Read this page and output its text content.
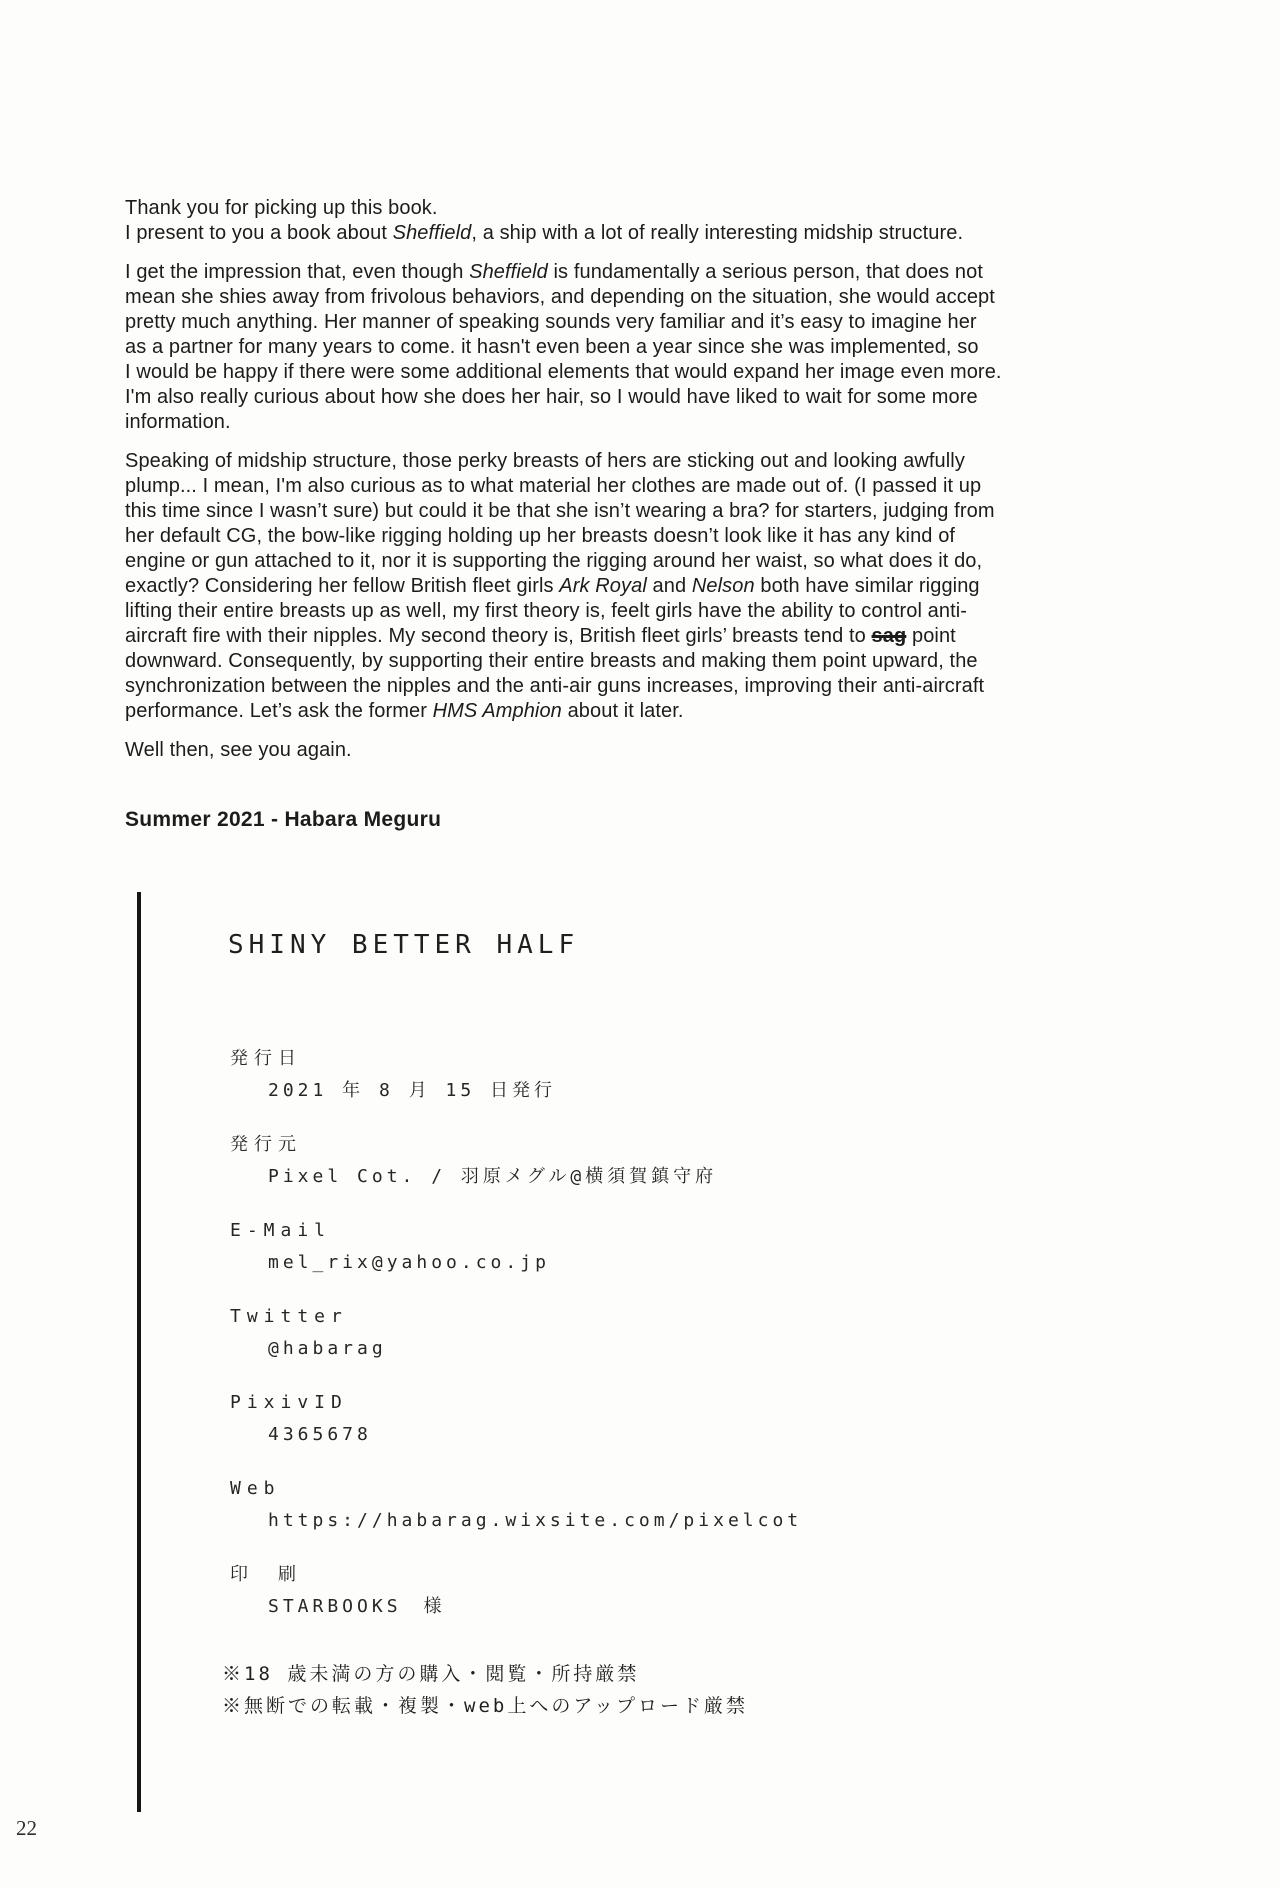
Thank you for picking up this book.
I present to you a book about Sheffield, a ship with a lot of really interesting midship structure.
I get the impression that, even though Sheffield is fundamentally a serious person, that does not
mean she shies away from frivolous behaviors, and depending on the situation, she would accept
pretty much anything. Her manner of speaking sounds very familiar and it’s easy to imagine her
as a partner for many years to come. it hasn't even been a year since she was implemented, so
I would be happy if there were some additional elements that would expand her image even more.
I'm also really curious about how she does her hair, so I would have liked to wait for some more
information.
Speaking of midship structure, those perky breasts of hers are sticking out and looking awfully
plump... I mean, I'm also curious as to what material her clothes are made out of. (I passed it up
this time since I wasn’t sure) but could it be that she isn’t wearing a bra? for starters, judging from
her default CG, the bow-like rigging holding up her breasts doesn’t look like it has any kind of
engine or gun attached to it, nor it is supporting the rigging around her waist, so what does it do,
exactly? Considering her fellow British fleet girls Ark Royal and Nelson both have similar rigging
lifting their entire breasts up as well, my first theory is, feelt girls have the ability to control anti-
aircraft fire with their nipples. My second theory is, British fleet girls’ breasts tend to sag point
downward. Consequently, by supporting their entire breasts and making them point upward, the
synchronization between the nipples and the anti-air guns increases, improving their anti-aircraft
performance. Let’s ask the former HMS Amphion about it later.
Well then, see you again.
Summer 2021 - Habara Meguru
SHINY BETTER HALF
発行日
2021 年 8 月 15 日発行
発行元
Pixel Cot. / 羽原メグル@横須賀鎮守府
E-Mail
mel_rix@yahoo.co.jp
Twitter
@habarag
PixivID
4365678
Web
https://habarag.wixsite.com/pixelcot
印　刷
STARBOOKS　様
※18 歳未満の方の購入・閲覧・所持厳禁
※無断での転載・複製・web上へのアップロード厳禁
22
